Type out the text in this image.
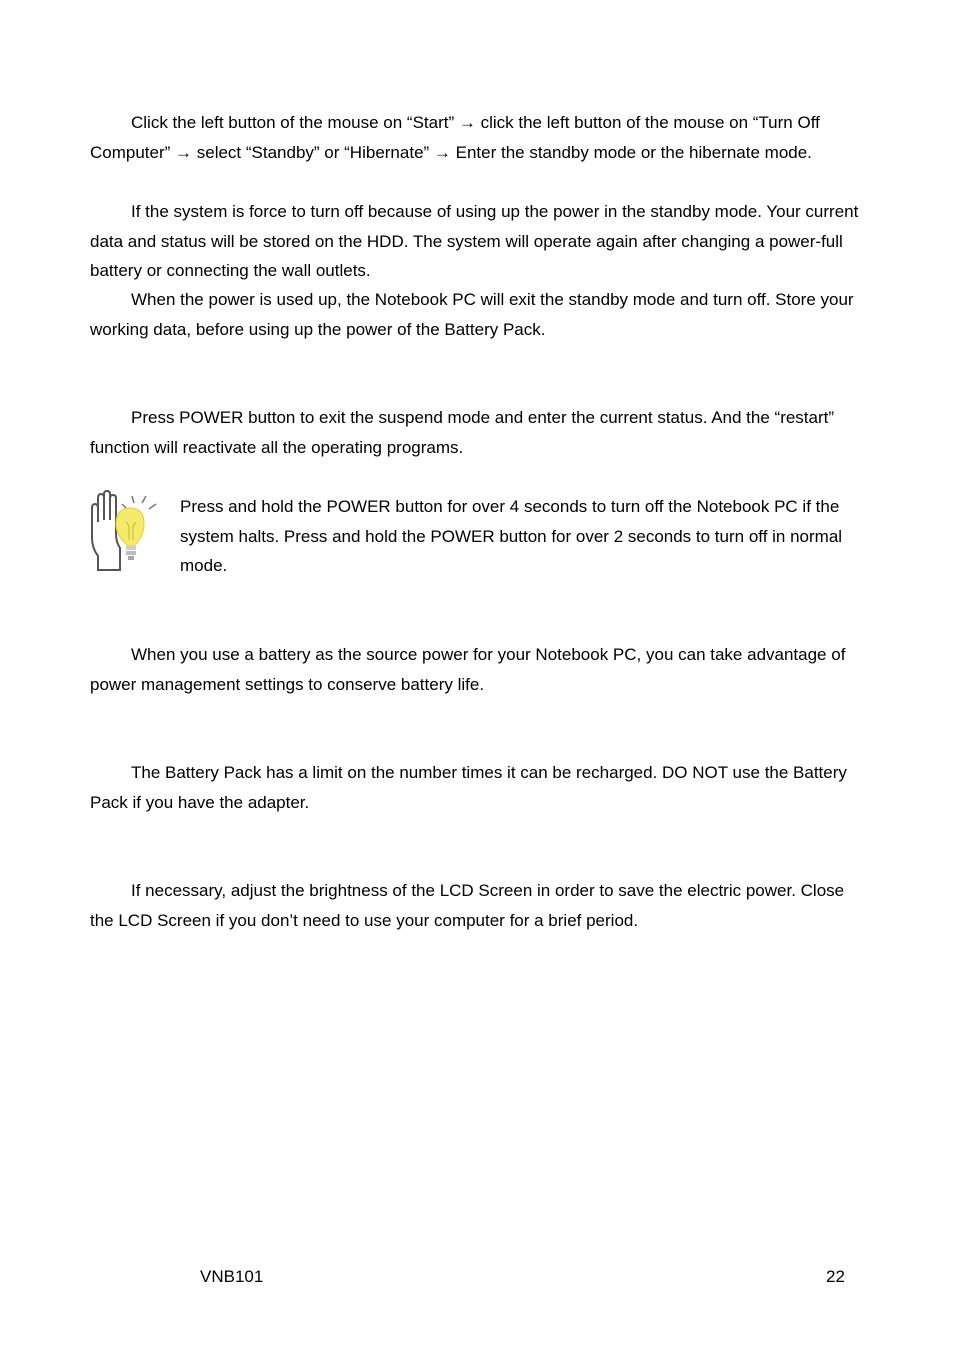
Click the left button of the mouse on “Start” → click the left button of the mouse on “Turn Off Computer” → select “Standby” or “Hibernate” → Enter the standby mode or the hibernate mode.

If the system is force to turn off because of using up the power in the standby mode. Your current data and status will be stored on the HDD. The system will operate again after changing a power-full battery or connecting the wall outlets.

When the power is used up, the Notebook PC will exit the standby mode and turn off. Store your working data, before using up the power of the Battery Pack.

Press POWER button to exit the suspend mode and enter the current status. And the “restart” function will reactivate all the operating programs.

Press and hold the POWER button for over 4 seconds to turn off the Notebook PC if the system halts. Press and hold the POWER button for over 2 seconds to turn off in normal mode.

When you use a battery as the source power for your Notebook PC, you can take advantage of power management settings to conserve battery life.

The Battery Pack has a limit on the number times it can be recharged. DO NOT use the Battery Pack if you have the adapter.

If necessary, adjust the brightness of the LCD Screen in order to save the electric power. Close the LCD Screen if you don’t need to use your computer for a brief period.

VNB101	22
